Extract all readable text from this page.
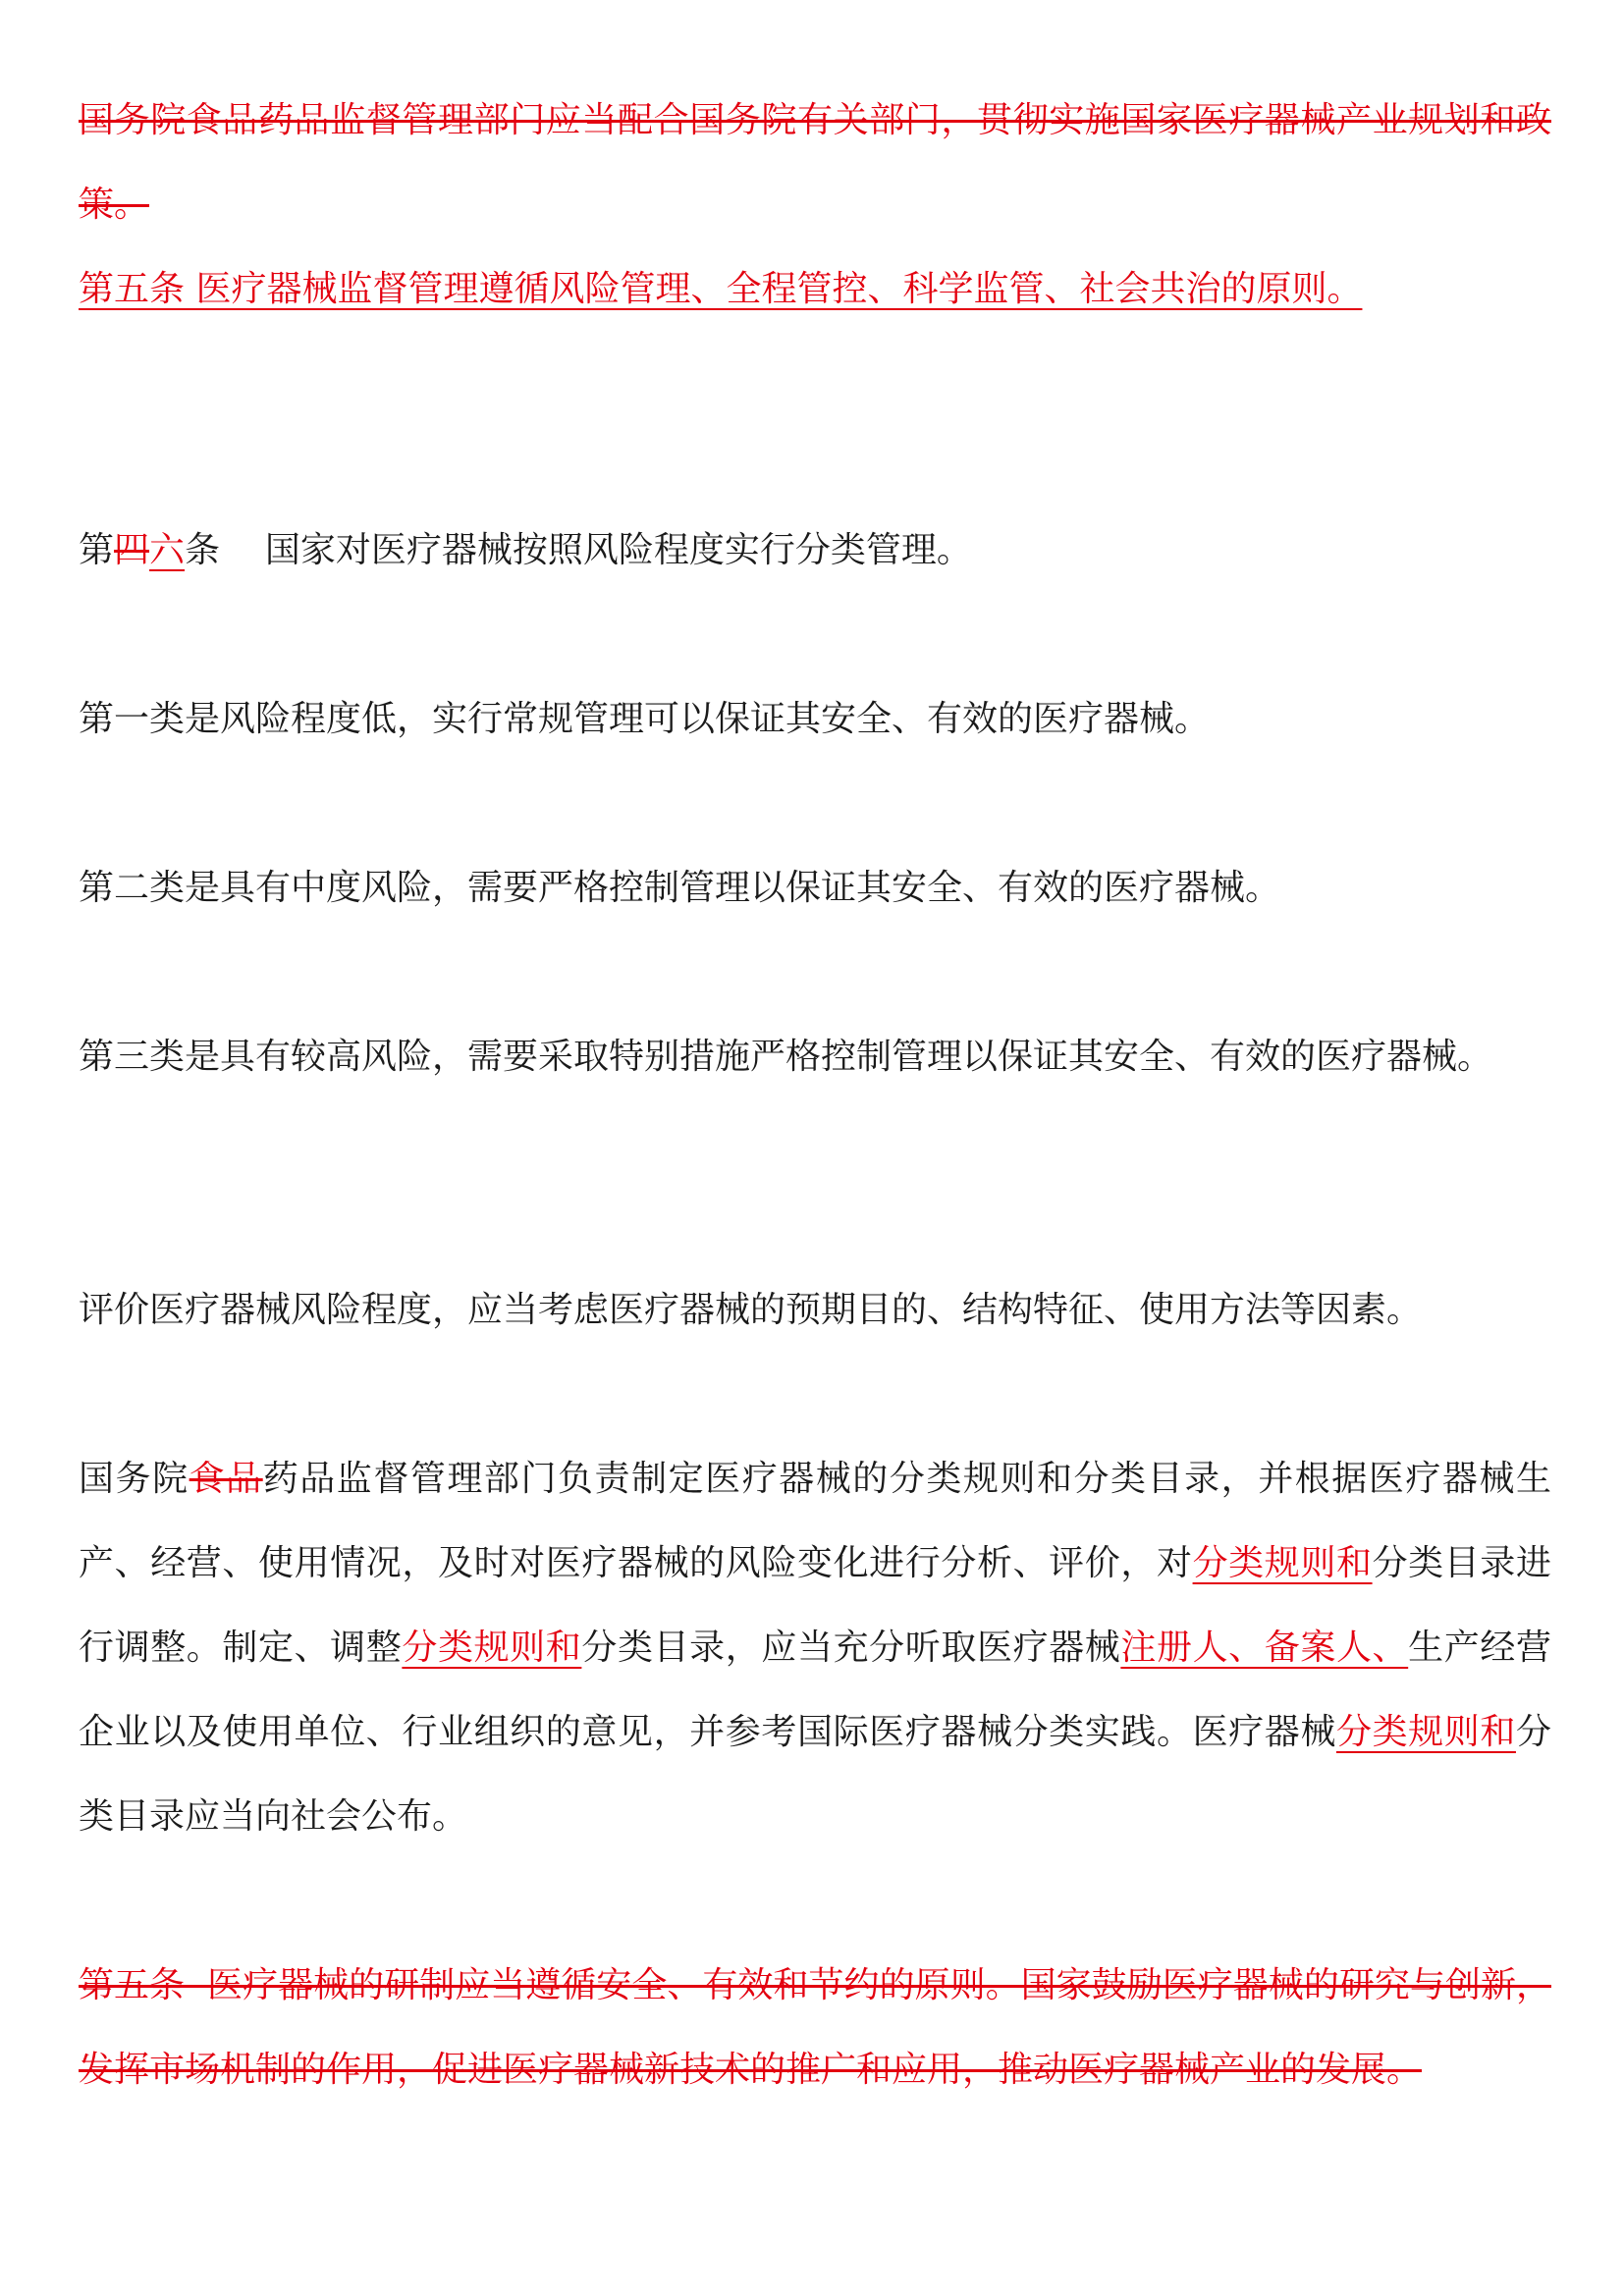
国务院食品药品监督管理部门应当配合国务院有关部门，贯彻实施国家医疗器械产业规划和政策。

第五条 医疗器械监督管理遵循风险管理、全程管控、科学监管、社会共治的原则。

第四六条    国家对医疗器械按照风险程度实行分类管理。

第一类是风险程度低，实行常规管理可以保证其安全、有效的医疗器械。

第二类是具有中度风险，需要严格控制管理以保证其安全、有效的医疗器械。

第三类是具有较高风险，需要采取特别措施严格控制管理以保证其安全、有效的医疗器械。

评价医疗器械风险程度，应当考虑医疗器械的预期目的、结构特征、使用方法等因素。

国务院食品药品监督管理部门负责制定医疗器械的分类规则和分类目录，并根据医疗器械生产、经营、使用情况，及时对医疗器械的风险变化进行分析、评价，对分类规则和分类目录进行调整。制定、调整分类规则和分类目录，应当充分听取医疗器械注册人、备案人、生产经营企业以及使用单位、行业组织的意见，并参考国际医疗器械分类实践。医疗器械分类规则和分类目录应当向社会公布。

第五条  医疗器械的研制应当遵循安全、有效和节约的原则。国家鼓励医疗器械的研究与创新，发挥市场机制的作用，促进医疗器械新技术的推广和应用，推动医疗器械产业的发展。
